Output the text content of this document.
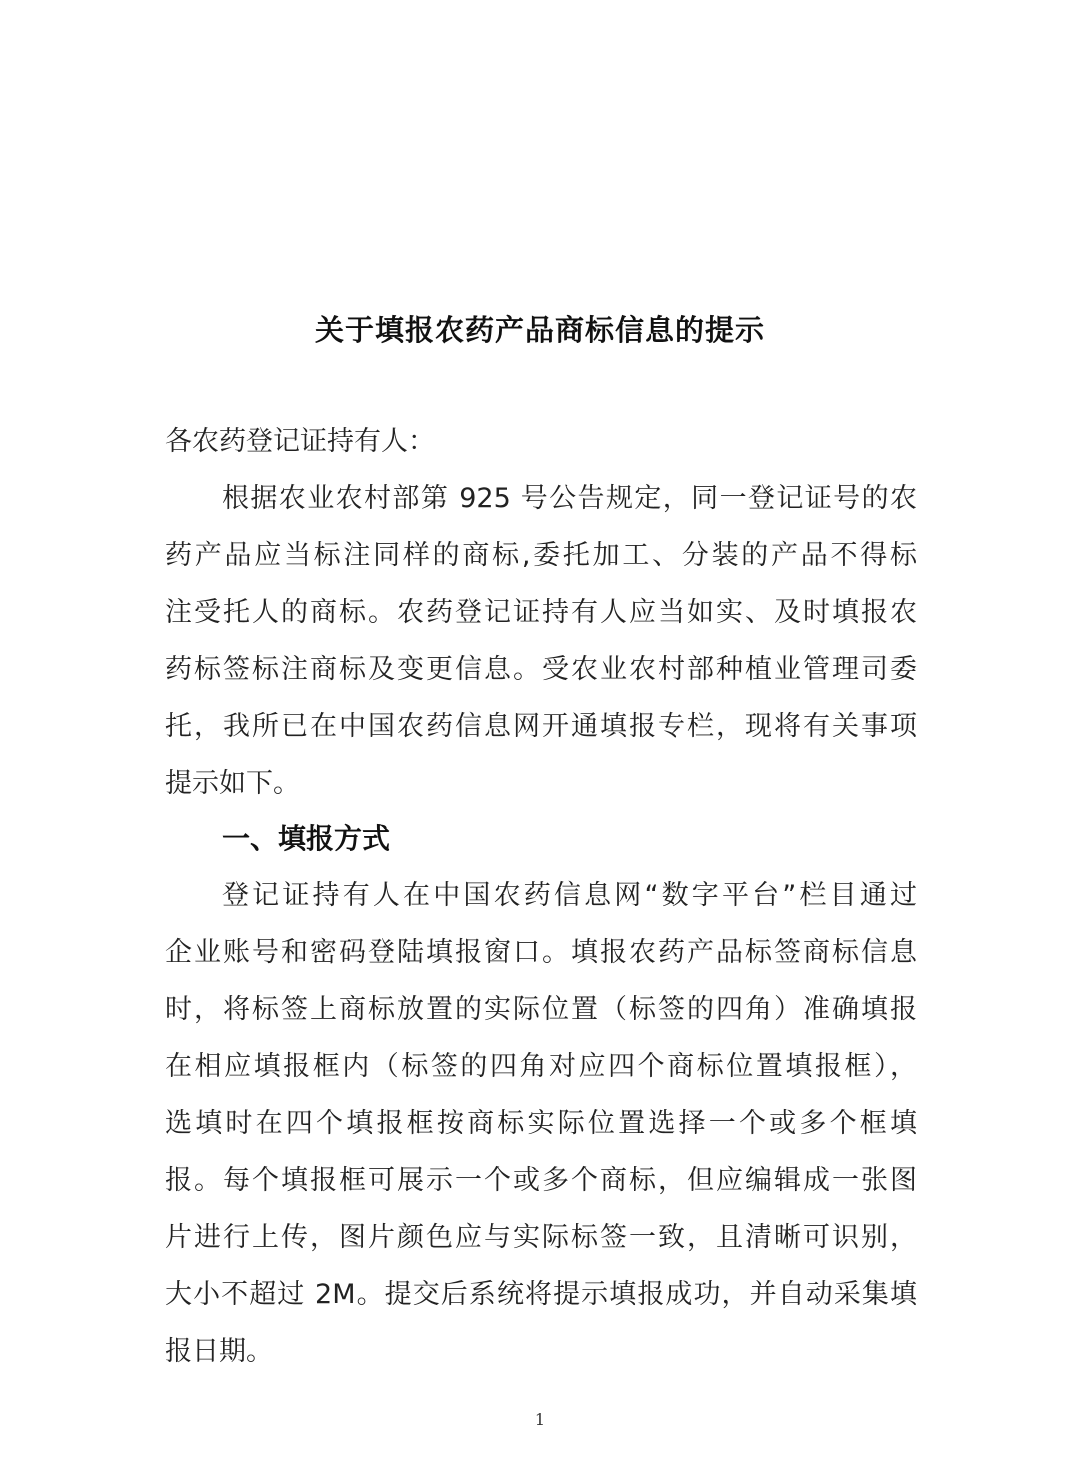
关于填报农药产品商标信息的提示
各农药登记证持有人：
根据农业农村部第 925 号公告规定，同一登记证号的农
药产品应当标注同样的商标,委托加工、分装的产品不得标
注受托人的商标。农药登记证持有人应当如实、及时填报农
药标签标注商标及变更信息。受农业农村部种植业管理司委
托，我所已在中国农药信息网开通填报专栏，现将有关事项
提示如下。
一、填报方式
登记证持有人在中国农药信息网“数字平台”栏目通过
企业账号和密码登陆填报窗口。填报农药产品标签商标信息
时，将标签上商标放置的实际位置（标签的四角）准确填报
在相应填报框内（标签的四角对应四个商标位置填报框），
选填时在四个填报框按商标实际位置选择一个或多个框填
报。每个填报框可展示一个或多个商标，但应编辑成一张图
片进行上传，图片颜色应与实际标签一致，且清晰可识别，
大小不超过 2M。提交后系统将提示填报成功，并自动采集填
报日期。
1
